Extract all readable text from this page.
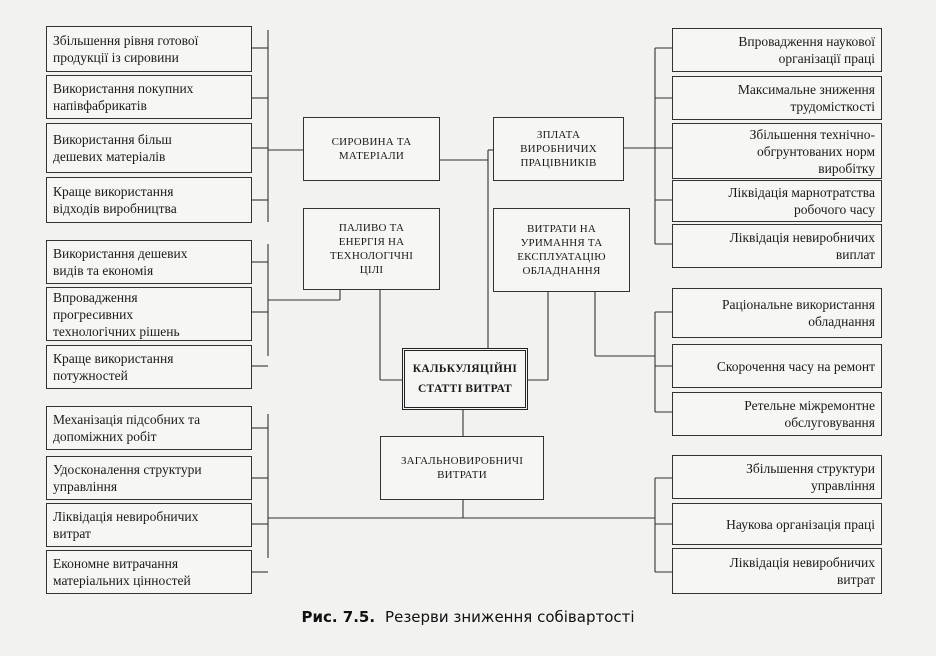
Збільшення рівня готової
продукції із сировини
Використання покупних
напівфабрикатів
Використання більш
дешевих матеріалів
Краще використання
відходів виробництва
Використання дешевих
видів та економія
Впровадження
прогресивних
технологічних рішень
Краще використання
потужностей
Механізація підсобних та
допоміжних робіт
Удосконалення структури
управління
Ліквідація невиробничих
витрат
Економне витрачання
матеріальних цінностей
Впровадження наукової
організації праці
Максимальне зниження
трудомісткості
Збільшення технічно-
обгрунтованих норм
виробітку
Ліквідація марнотратства
робочого часу
Ліквідація невиробничих
виплат
Раціональне використання
обладнання
Скорочення часу на ремонт
Ретельне міжремонтне
обслуговування
Збільшення структури
управління
Наукова організація праці
Ліквідація невиробничих
витрат
СИРОВИНА ТА
МАТЕРІАЛИ
ПАЛИВО ТА
ЕНЕРГІЯ НА
ТЕХНОЛОГІЧНІ
ЦІЛІ
ЗПЛАТА
ВИРОБНИЧИХ
ПРАЦІВНИКІВ
ВИТРАТИ НА
УРИМАННЯ ТА
ЕКСПЛУАТАЦІЮ
ОБЛАДНАННЯ
КАЛЬКУЛЯЦІЙНІ
СТАТТІ ВИТРАТ
ЗАГАЛЬНОВИРОБНИЧІ
ВИТРАТИ
Рис. 7.5. Резерви зниження собівартості
